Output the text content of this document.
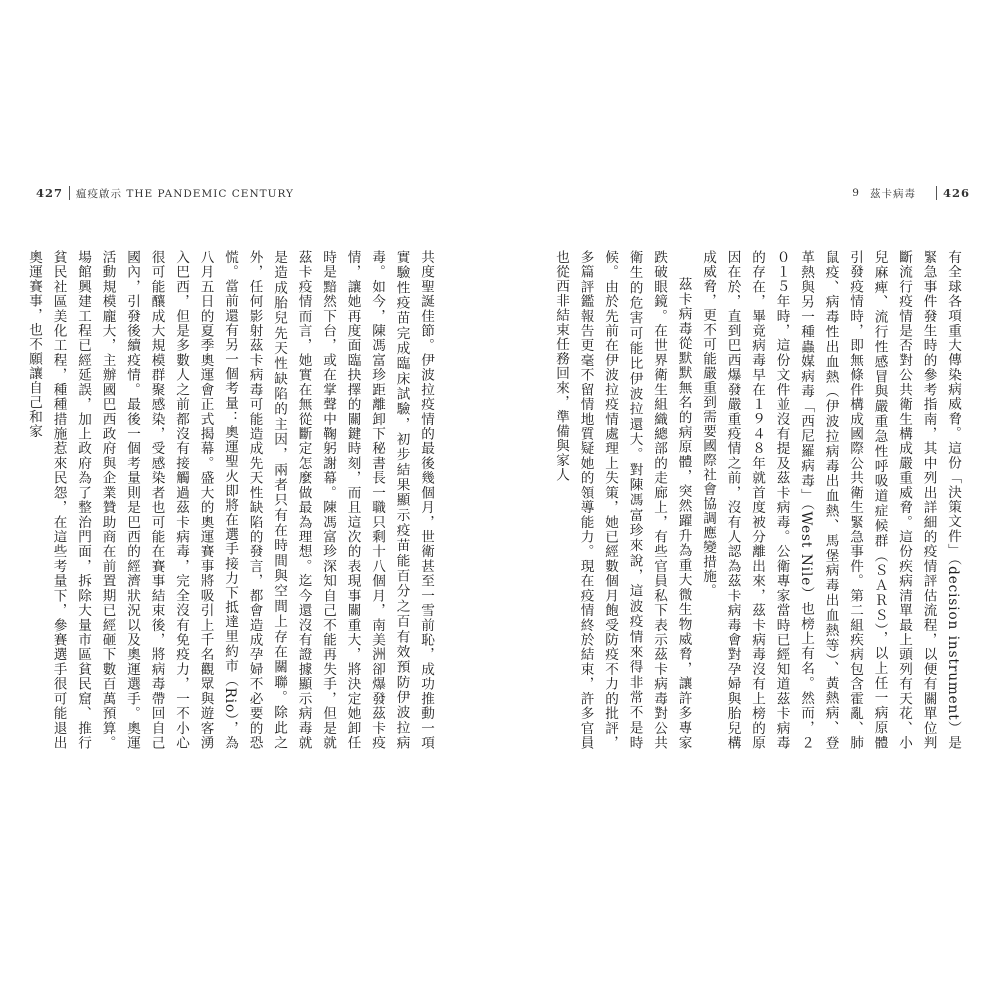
427 瘟疫啟示 THE PANDEMIC CENTURY	9 茲卡病毒 426

有全球各項重大傳染病威脅。這份「決策文件」（decision instrument）是緊急事件發生時的參考指南，其中列出詳細的疫情評估流程，以便有關單位判斷流行疫情是否對公共衛生構成嚴重威脅。這份疾病清單最上頭列有天花、小兒麻痺、流行性感冒與嚴重急性呼吸道症候群（ＳＡＲＳ），以上任一病原體引發疫情時，即無條件構成國際公共衛生緊急事件。第二組疾病包含霍亂、肺鼠疫、病毒性出血熱（伊波拉病毒出血熱、馬堡病毒出血熱等）、黃熱病、登革熱與另一種蟲媒病毒「西尼羅病毒」（West Nile）也榜上有名。然而，２０１５年時，這份文件並沒有提及茲卡病毒。公衛專家當時已經知道茲卡病毒的存在，畢竟病毒早在１９４８年就首度被分離出來，茲卡病毒沒有上榜的原因在於，直到巴西爆發嚴重疫情之前，沒有人認為茲卡病毒會對孕婦與胎兒構成威脅，更不可能嚴重到需要國際社會協調應變措施。

茲卡病毒從默默無名的病原體，突然躍升為重大微生物威脅，讓許多專家跌破眼鏡。在世界衛生組織總部的走廊上，有些官員私下表示茲卡病毒對公共衛生的危害可能比伊波拉還大。對陳馮富珍來說，這波疫情來得非常不是時候。由於先前在伊波拉疫情處理上失策，她已經數個月飽受防疫不力的批評，多篇評鑑報告更毫不留情地質疑她的領導能力。現在疫情終於結束，許多官員也從西非結束任務回來，準備與家人

共度聖誕佳節。伊波拉疫情的最後幾個月，世衛甚至一雪前恥，成功推動一項實驗性疫苗完成臨床試驗，初步結果顯示疫苗能百分之百有效預防伊波拉病毒。如今，陳馮富珍距離卸下秘書長一職只剩十八個月，南美洲卻爆發茲卡疫情，讓她再度面臨抉擇的關鍵時刻，而且這次的表現事關重大，將決定她卸任時是黯然下台，或在掌聲中鞠躬謝幕。陳馮富珍深知自己不能再失手，但是就茲卡疫情而言，她實在無從斷定怎麼做最為理想。迄今還沒有證據顯示病毒就是造成胎兒先天性缺陷的主因，兩者只有在時間與空間上存在關聯。除此之外，任何影射茲卡病毒可能造成先天性缺陷的發言，都會造成孕婦不必要的恐慌。當前還有另一個考量：奧運聖火即將在選手接力下抵達里約市（Rio），為八月五日的夏季奧運會正式揭幕。盛大的奧運賽事將吸引上千名觀眾與遊客湧入巴西，但是多數人之前都沒有接觸過茲卡病毒，完全沒有免疫力，一不小心很可能釀成大規模群聚感染，受感染者也可能在賽事結束後，將病毒帶回自己國內，引發後續疫情。最後一個考量則是巴西的經濟狀況以及奧運選手。奧運活動規模龐大，主辦國巴西政府與企業贊助商在前置期已經砸下數百萬預算。場館興建工程已經延誤，加上政府為了整治門面，拆除大量市區貧民窟、推行貧民社區美化工程，種種措施惹來民怨，在這些考量下，參賽選手很可能退出奧運賽事，也不願讓自己和家
